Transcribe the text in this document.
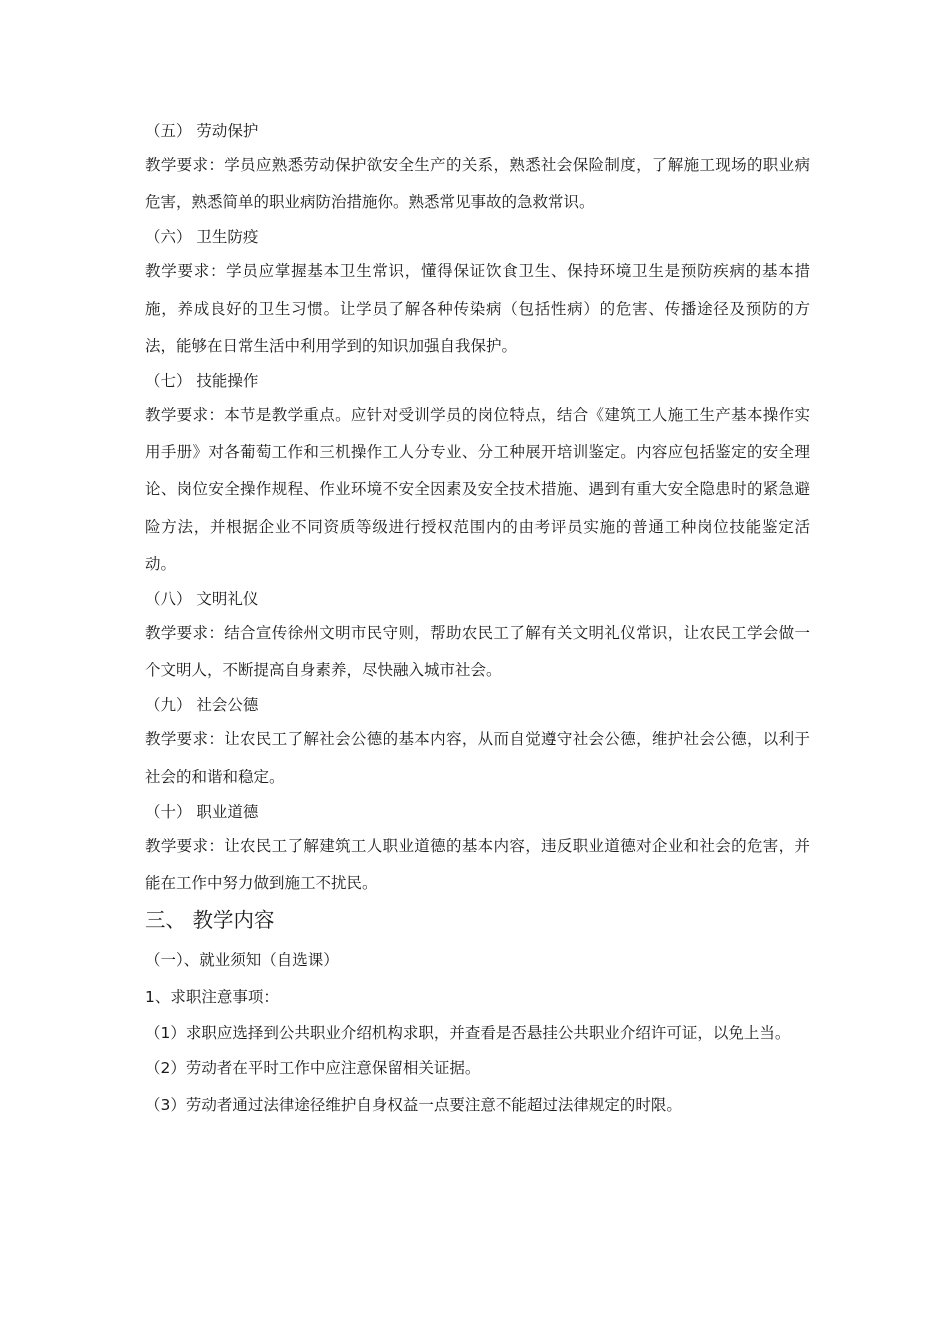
（五） 劳动保护
教学要求：学员应熟悉劳动保护欲安全生产的关系，熟悉社会保险制度，了解施工现场的职业病危害，熟悉简单的职业病防治措施你。熟悉常见事故的急救常识。
（六） 卫生防疫
教学要求：学员应掌握基本卫生常识，懂得保证饮食卫生、保持环境卫生是预防疾病的基本措施，养成良好的卫生习惯。让学员了解各种传染病（包括性病）的危害、传播途径及预防的方法，能够在日常生活中利用学到的知识加强自我保护。
（七） 技能操作
教学要求：本节是教学重点。应针对受训学员的岗位特点，结合《建筑工人施工生产基本操作实用手册》对各葡萄工作和三机操作工人分专业、分工种展开培训鉴定。内容应包括鉴定的安全理论、岗位安全操作规程、作业环境不安全因素及安全技术措施、遇到有重大安全隐患时的紧急避险方法，并根据企业不同资质等级进行授权范围内的由考评员实施的普通工种岗位技能鉴定活动。
（八） 文明礼仪
教学要求：结合宣传徐州文明市民守则，帮助农民工了解有关文明礼仪常识，让农民工学会做一个文明人，不断提高自身素养，尽快融入城市社会。
（九） 社会公德
教学要求：让农民工了解社会公德的基本内容，从而自觉遵守社会公德，维护社会公德，以利于社会的和谐和稳定。
（十） 职业道德
教学要求：让农民工了解建筑工人职业道德的基本内容，违反职业道德对企业和社会的危害，并能在工作中努力做到施工不扰民。
三、 教学内容
（一）、就业须知（自选课）
1、求职注意事项：
（1）求职应选择到公共职业介绍机构求职，并查看是否悬挂公共职业介绍许可证，以免上当。
（2）劳动者在平时工作中应注意保留相关证据。
（3）劳动者通过法律途径维护自身权益一点要注意不能超过法律规定的时限。
